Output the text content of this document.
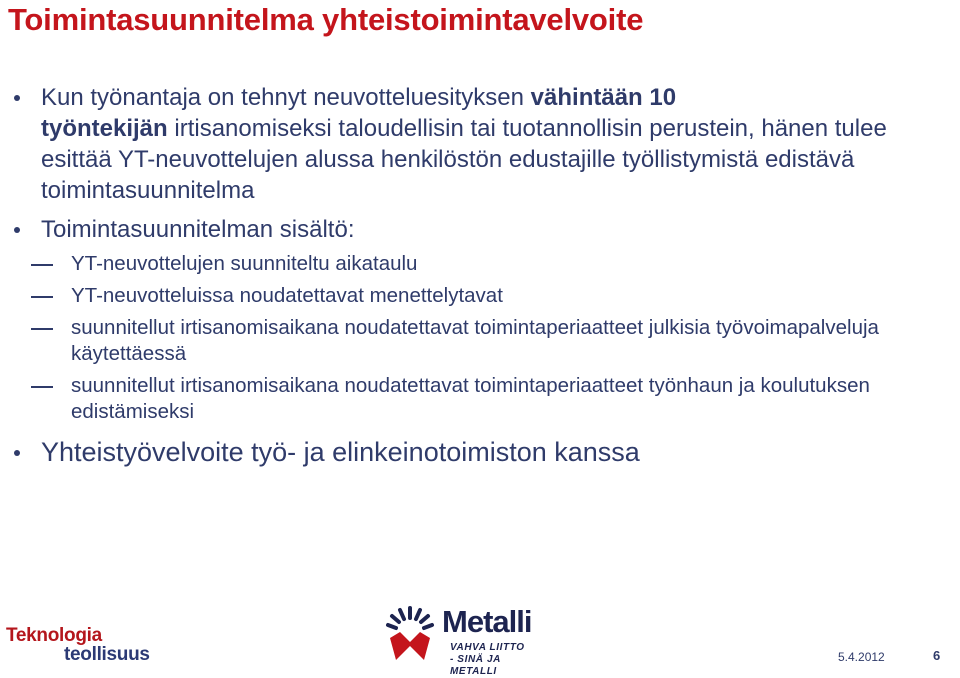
Toimintasuunnitelma yhteistoimintavelvoite
Kun työnantaja on tehnyt neuvotteluesityksen vähintään 10
työntekijän irtisanomiseksi taloudellisin tai tuotannollisin perustein, hänen tulee esittää YT-neuvottelujen alussa henkilöstön edustajille työllistymistä edistävä toimintasuunnitelma
Toimintasuunnitelman sisältö:
YT-neuvottelujen suunniteltu aikataulu
YT-neuvotteluissa noudatettavat menettelytavat
suunnitellut irtisanomisaikana noudatettavat toimintaperiaatteet julkisia työvoimapalveluja käytettäessä
suunnitellut irtisanomisaikana noudatettavat toimintaperiaatteet työnhaun ja koulutuksen edistämiseksi
Yhteistyövelvoite työ- ja elinkeinotoimiston kanssa
Teknologia
teollisuus
Metalli
VAHVA LIITTO
- SINÄ JA METALLI
5.4.2012	6
